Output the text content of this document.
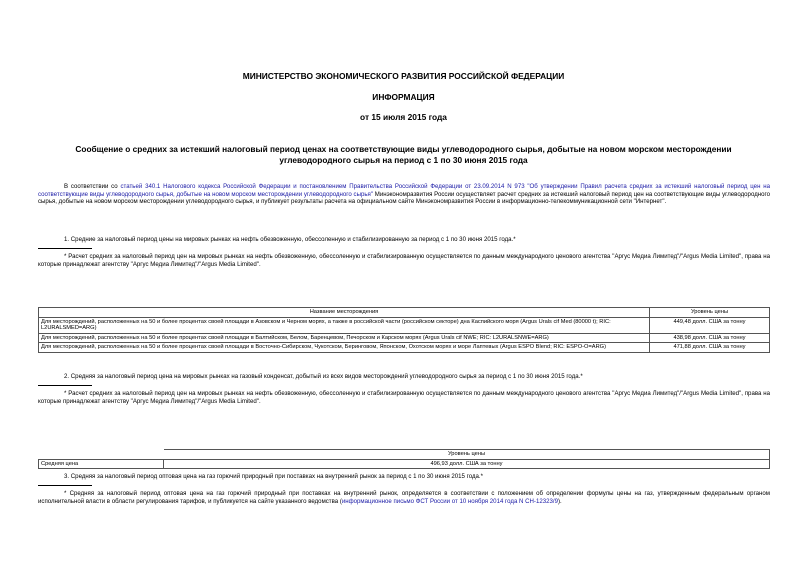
МИНИСТЕРСТВО ЭКОНОМИЧЕСКОГО РАЗВИТИЯ РОССИЙСКОЙ ФЕДЕРАЦИИ
ИНФОРМАЦИЯ
от 15 июля 2015 года
Сообщение о средних за истекший налоговый период ценах на соответствующие виды углеводородного сырья, добытые на новом морском месторождении
углеводородного сырья на период с 1 по 30 июня 2015 года
В соответствии со статьей 340.1 Налогового кодекса Российской Федерации и постановлением Правительства Российской Федерации от 23.09.2014 N 973 "Об утверждении Правил расчета средних за истекший налоговый период цен на соответствующие виды углеводородного сырья, добытые на новом морском месторождении углеводородного сырья" Минэкономразвития России осуществляет расчет средних за истекший налоговый период цен на соответствующие виды углеводородного сырья, добытые на новом морском месторождении углеводородного сырья, и публикует результаты расчета на официальном сайте Минэкономразвития России в информационно-телекоммуникационной сети "Интернет".
1. Средние за налоговый период цены на мировых рынках на нефть обезвоженную, обессоленную и стабилизированную за период с 1 по 30 июня 2015 года.*
* Расчет средних за налоговый период цен на мировых рынках на нефть обезвоженную, обессоленную и стабилизированную осуществляется по данным международного ценового агентства "Аргус Медиа Лимитед"/"Argus Media Limited", права на которые принадлежат агентству "Аргус Медиа Лимитед"/"Argus Media Limited".
Название месторождения	Уровень цены
Для месторождений, расположенных на 50 и более процентах своей площади в Азовском и Черном морях, а также в российской части (российском секторе) дна Каспийского моря (Argus Urals cif Med (80000 t); RIC: L2URALSMED=ARG)	449,48 долл. США за тонну
Для месторождений, расположенных на 50 и более процентах своей площади в Балтийском, Белом, Баренцевом, Печорском и Карском морях (Argus Urals cif NWE; RIC: L2URALSNWE=ARG)	438,98 долл. США за тонну
Для месторождений, расположенных на 50 и более процентах своей площади в Восточно-Сибирском, Чукотском, Беринговом, Японском, Охотском морях и море Лаптевых (Argus ESPO Blend; RIC: ESPO-O=ARG)	471,88 долл. США за тонну
2. Средняя за налоговый период цена на мировых рынках на газовый конденсат, добытый из всех видов месторождений углеводородного сырья за период с 1 по 30 июня 2015 года.*
* Расчет средних за налоговый период цен на мировых рынках на нефть обезвоженную, обессоленную и стабилизированную осуществляется по данным международного ценового агентства "Аргус Медиа Лимитед"/"Argus Media Limited", права на которые принадлежат агентству "Аргус Медиа Лимитед"/"Argus Media Limited".
	Уровень цены
Средняя цена	496,93 долл. США за тонну
3. Средняя за налоговый период оптовая цена на газ горючий природный при поставках на внутренний рынок за период с 1 по 30 июня 2015 года.*
* Средняя за налоговый период оптовая цена на газ горючий природный при поставках на внутренний рынок, определяется в соответствии с положением об определении формулы цены на газ, утвержденным федеральным органом исполнительной власти в области регулирования тарифов, и публикуется на сайте указанного ведомства (информационное письмо ФСТ России от 10 ноября 2014 года N СН-12323/9).
